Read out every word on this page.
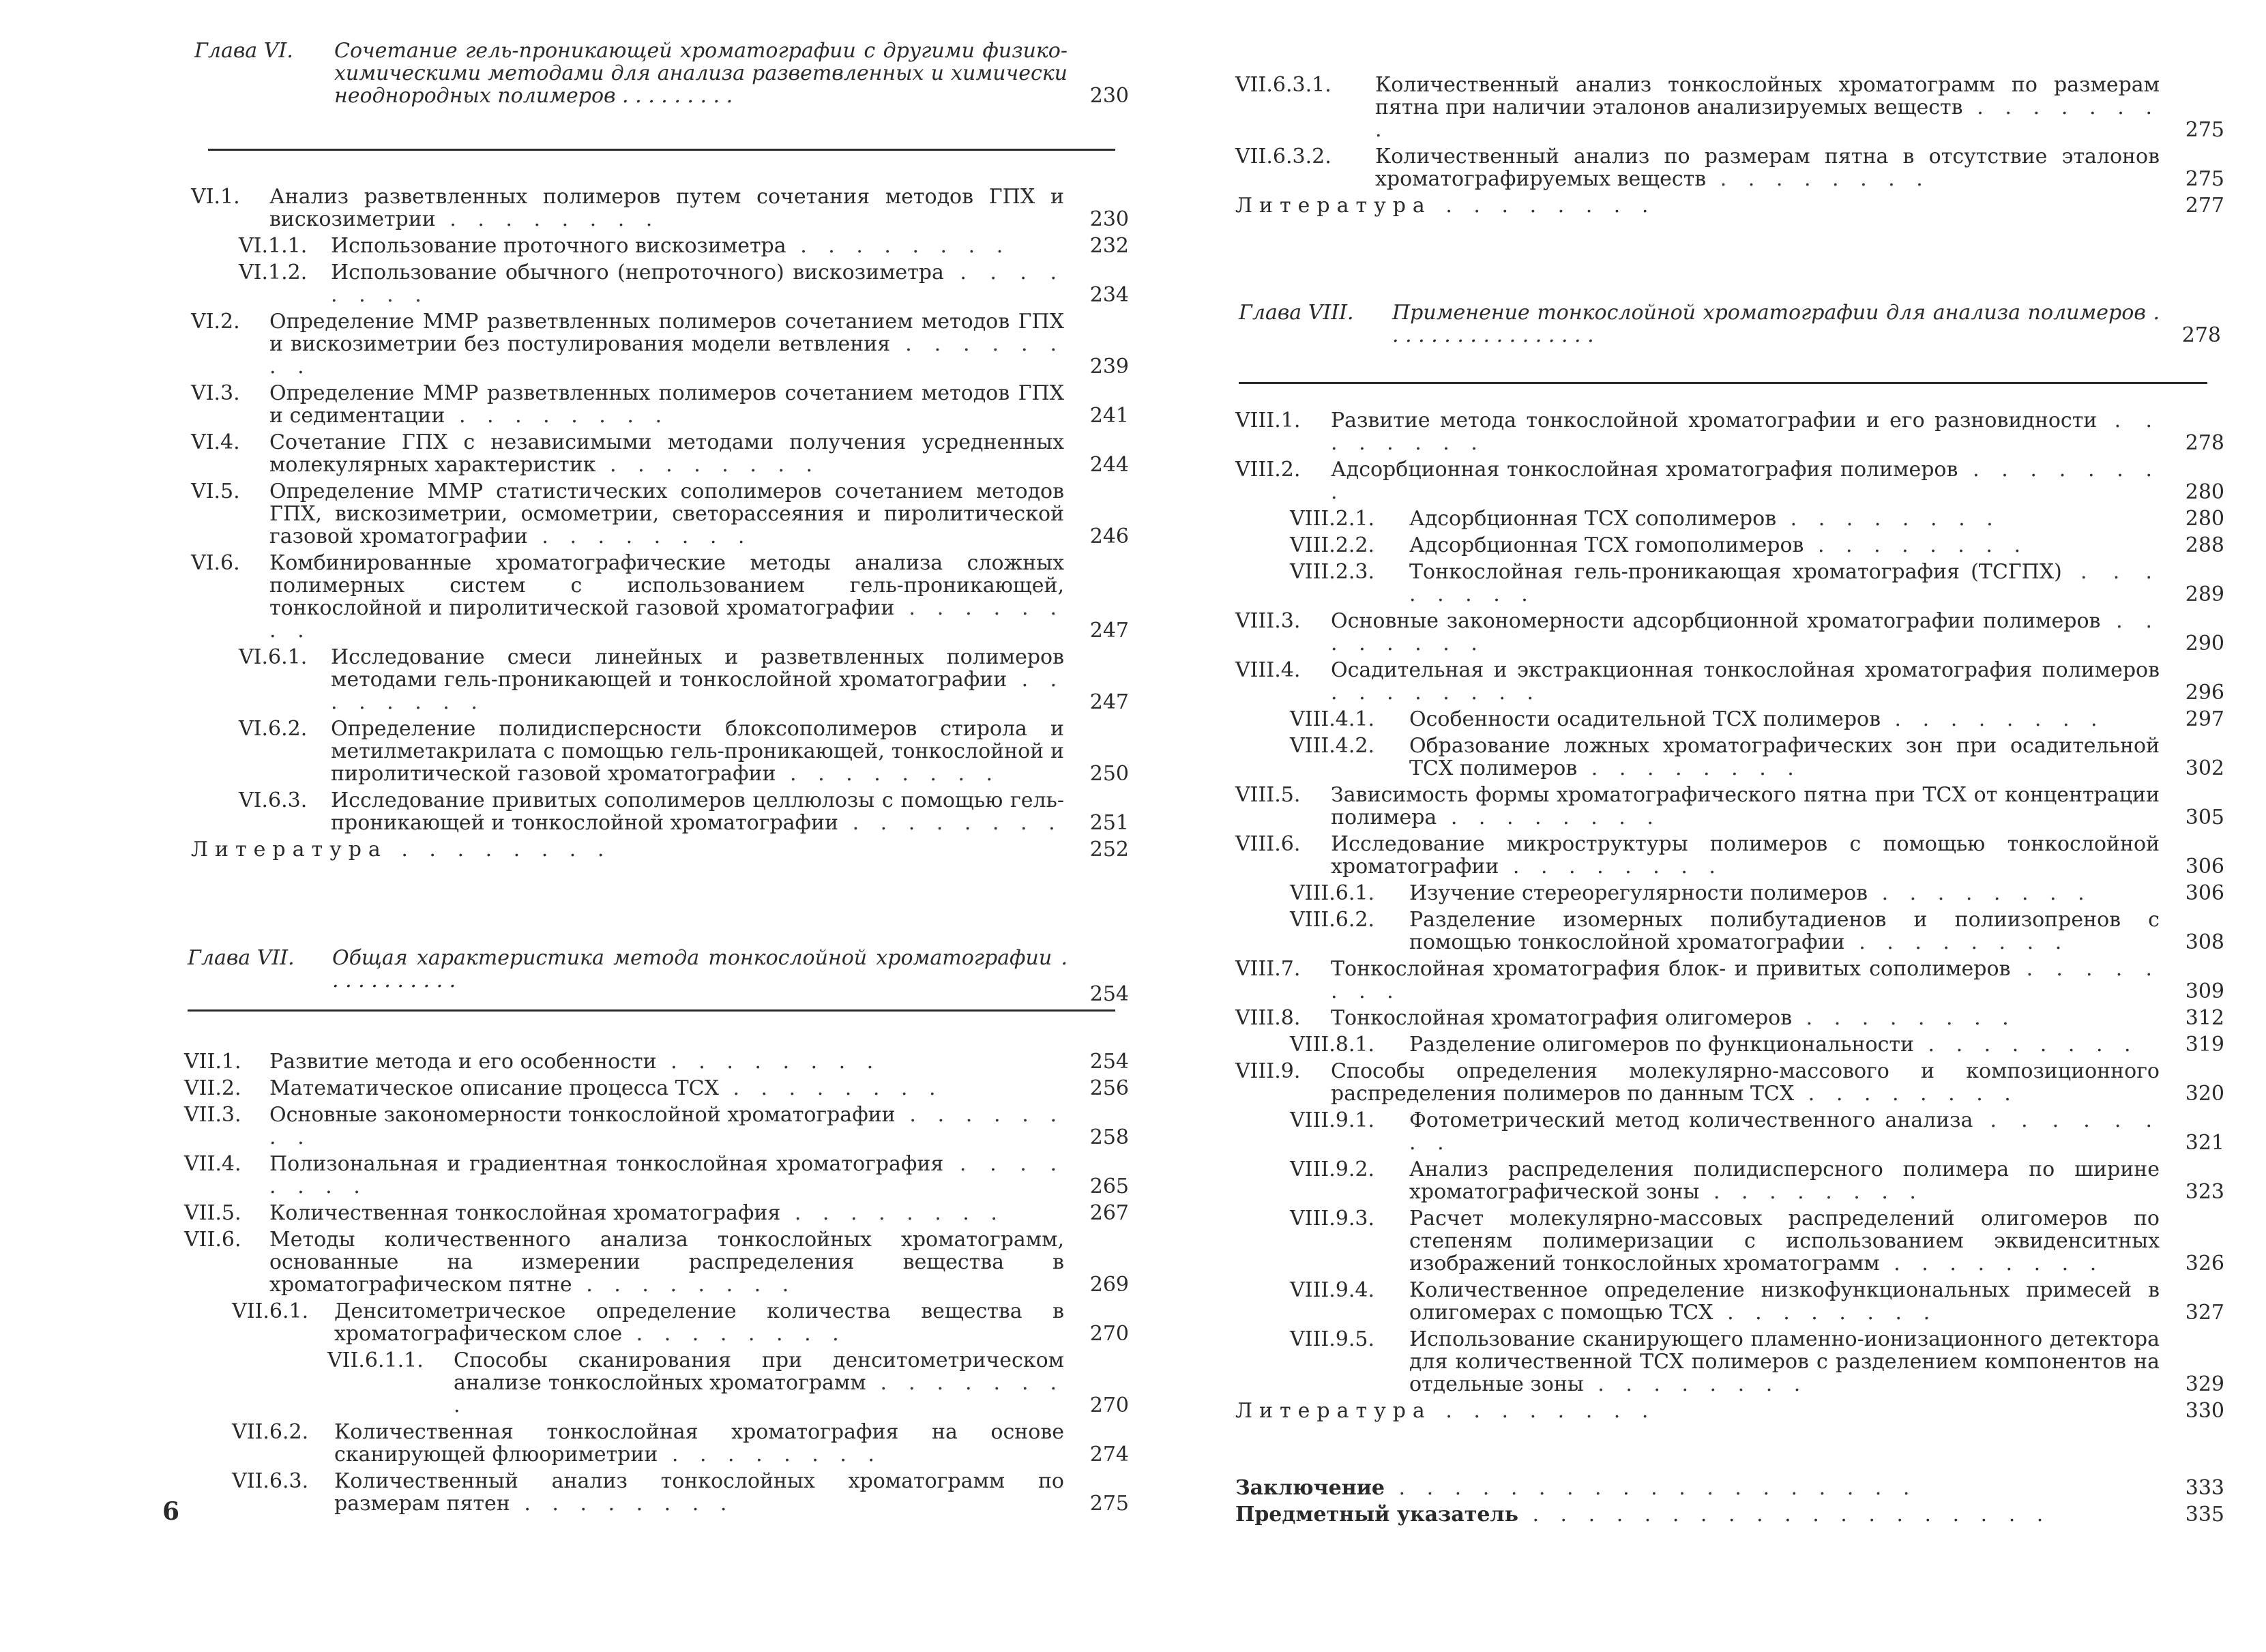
Глава VI. Сочетание гель-проникающей хроматографии с другими физико-химическими методами для анализа разветвленных и химически неоднородных полимеров . . . . . . . . .	230
VI.1. Анализ разветвленных полимеров путем сочетания методов ГПХ и вискозиметрии . . . . . . . .	230
VI.1.1. Использование проточного вискозиметра . . . . . . . .	232
VI.1.2. Использование обычного (непроточного) вискозиметра . . . . . . . .	234
VI.2. Определение ММР разветвленных полимеров сочетанием методов ГПХ и вискозиметрии без постулирования модели ветвления . . . . . . . .	239
VI.3. Определение ММР разветвленных полимеров сочетанием методов ГПХ и седиментации . . . . . . . .	241
VI.4. Сочетание ГПХ с независимыми методами получения усредненных молекулярных характеристик . . . . . . . .	244
VI.5. Определение ММР статистических сополимеров сочетанием методов ГПХ, вискозиметрии, осмометрии, светорассеяния и пиролитической газовой хроматографии . . . . . . . .	246
VI.6. Комбинированные хроматографические методы анализа сложных полимерных систем с использованием гель-проникающей, тонкослойной и пиролитической газовой хроматографии . . . . . . . .	247
VI.6.1. Исследование смеси линейных и разветвленных полимеров методами гель-проникающей и тонкослойной хроматографии . . . . . . . .	247
VI.6.2. Определение полидисперсности блоксополимеров стирола и метилметакрилата с помощью гель-проникающей, тонкослойной и пиролитической газовой хроматографии . . . . . . . .	250
VI.6.3. Исследование привитых сополимеров целлюлозы с помощью гель-проникающей и тонкослойной хроматографии . . . . . . . . 251
Литература . . . . . . . .	252
Глава VII. Общая характеристика метода тонкослойной хроматографии . . . . . . . . . . .
254
VII.1. Развитие метода и его особенности . . . . . . . .	254
VII.2. Математическое описание процесса ТСХ . . . . . . . .	256
VII.3. Основные закономерности тонкослойной хроматографии . . . . . . . .	258
VII.4. Полизональная и градиентная тонкослойная хроматография . . . . . . . .	265
VII.5. Количественная тонкослойная хроматография . . . . . . . .	267
VII.6. Методы количественного анализа тонкослойных хроматограмм, основанные на измерении распределения вещества в хроматографическом пятне . . . . . . . .	269
VII.6.1. Денситометрическое определение количества вещества в хроматографическом слое . . . . . . . .	270
VII.6.1.1. Способы сканирования при денситометрическом анализе тонкослойных хроматограмм . . . . . . . .	270
VII.6.2. Количественная тонкослойная хроматография на основе сканирующей флюориметрии . . . . . . . .	274
VII.6.3. Количественный анализ тонкослойных хроматограмм по размерам пятен . . . . . . . .	275
6
VII.6.3.1. Количественный анализ тонкослойных хроматограмм по размерам пятна при наличии эталонов анализируемых веществ . . . . . . . .	275
VII.6.3.2. Количественный анализ по размерам пятна в отсутствие эталонов хроматографируемых веществ . . . . . . . .	275
Литература . . . . . . . .	277
Глава VIII. Применение тонкослойной хроматографии для анализа полимеров . . . . . . . . . . . . . . . . .	278
VIII.1. Развитие метода тонкослойной хроматографии и его разновидности . . . . . . . .	278
VIII.2. Адсорбционная тонкослойная хроматография полимеров . . . . . . . .	280
VIII.2.1. Адсорбционная ТСХ сополимеров . . . . . . . .	280
VIII.2.2. Адсорбционная ТСХ гомополимеров . . . . . . . .	288
VIII.2.3. Тонкослойная гель-проникающая хроматография (ТСГПХ) . . . . . . . .	289
VIII.3. Основные закономерности адсорбционной хроматографии полимеров . . . . . . . .	290
VIII.4. Осадительная и экстракционная тонкослойная хроматография полимеров . . . . . . . .	296
VIII.4.1. Особенности осадительной ТСХ полимеров . . . . . . . .	297
VIII.4.2. Образование ложных хроматографических зон при осадительной ТСХ полимеров . . . . . . . .	302
VIII.5. Зависимость формы хроматографического пятна при ТСХ от концентрации полимера . . . . . . . .	305
VIII.6. Исследование микроструктуры полимеров с помощью тонкослойной хроматографии . . . . . . . .	306
VIII.6.1. Изучение стереорегулярности полимеров . . . . . . . .	306
VIII.6.2. Разделение изомерных полибутадиенов и полиизопренов с помощью тонкослойной хроматографии . . . . . . . .	308
VIII.7. Тонкослойная хроматография блок- и привитых сополимеров . . . . . . . .	309
VIII.8. Тонкослойная хроматография олигомеров . . . . . . . .	312
VIII.8.1. Разделение олигомеров по функциональности . . . . . . . .	319
VIII.9. Способы определения молекулярно-массового и композиционного распределения полимеров по данным ТСХ . . . . . . . .	320
VIII.9.1. Фотометрический метод количественного анализа . . . . . . . .	321
VIII.9.2. Анализ распределения полидисперсного полимера по ширине хроматографической зоны . . . . . . . .	323
VIII.9.3. Расчет молекулярно-массовых распределений олигомеров по степеням полимеризации с использованием эквиденситных изображений тонкослойных хроматограмм . . . . . . . .	326
VIII.9.4. Количественное определение низкофункциональных примесей в олигомерах с помощью ТСХ . . . . . . . .	327
VIII.9.5. Использование сканирующего пламенно-ионизационного детектора для количественной ТСХ полимеров с разделением компонентов на отдельные зоны . . . . . . . .	329
Литература . . . . . . . .	330
Заключение . . . . . . . . . . . . . . . . . . .	333
Предметный указатель . . . . . . . . . . . . . . . . . . .	335
